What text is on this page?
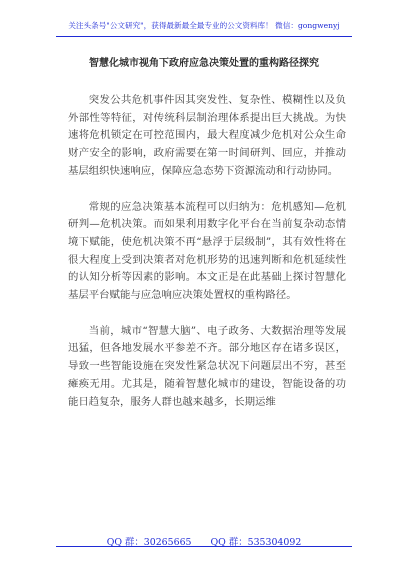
关注头条号"公文研究"，获得最新最全最专业的公文资料库！ 微信：gongwenyj
智慧化城市视角下政府应急决策处置的重构路径探究

突发公共危机事件因其突发性、复杂性、模糊性以及负外部性等特征，对传统科层制治理体系提出巨大挑战。为快速将危机锁定在可控范围内，最大程度减少危机对公众生命财产安全的影响，政府需要在第一时间研判、回应，并推动基层组织快速响应，保障应急态势下资源流动和行动协同。

常规的应急决策基本流程可以归纳为：危机感知—危机研判—危机决策。而如果利用数字化平台在当前复杂动态情境下赋能，使危机决策不再“悬浮于层级制”，其有效性将在很大程度上受到决策者对危机形势的迅速判断和危机延续性的认知分析等因素的影响。本文正是在此基础上探讨智慧化基层平台赋能与应急响应决策处置权的重构路径。

当前，城市“智慧大脑”、电子政务、大数据治理等发展迅猛，但各地发展水平参差不齐。部分地区存在诸多误区，导致一些智能设施在突发性紧急状况下问题层出不穷，甚至瘫痪无用。尤其是，随着智慧化城市的建设，智能设备的功能日趋复杂，服务人群也越来越多，长期运维

QQ 群：30265665 QQ 群：535304092
